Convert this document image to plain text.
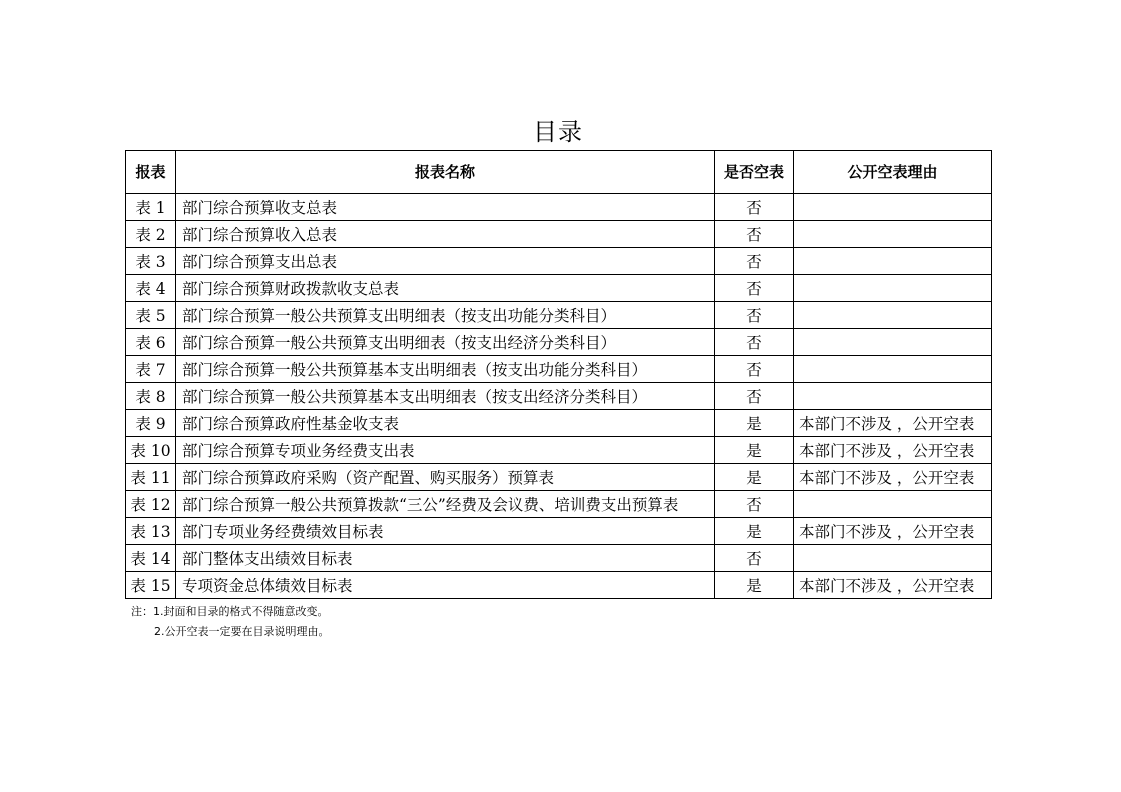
目录
报表	报表名称	是否空表	公开空表理由
表 1	部门综合预算收支总表	否	
表 2	部门综合预算收入总表	否	
表 3	部门综合预算支出总表	否	
表 4	部门综合预算财政拨款收支总表	否	
表 5	部门综合预算一般公共预算支出明细表（按支出功能分类科目）	否	
表 6	部门综合预算一般公共预算支出明细表（按支出经济分类科目）	否	
表 7	部门综合预算一般公共预算基本支出明细表（按支出功能分类科目）	否	
表 8	部门综合预算一般公共预算基本支出明细表（按支出经济分类科目）	否	
表 9	部门综合预算政府性基金收支表	是	本部门不涉及 ，公开空表
表 10	部门综合预算专项业务经费支出表	是	本部门不涉及 ，公开空表
表 11	部门综合预算政府采购（资产配置、购买服务）预算表	是	本部门不涉及 ，公开空表
表 12	部门综合预算一般公共预算拨款“三公”经费及会议费、培训费支出预算表	否	
表 13	部门专项业务经费绩效目标表	是	本部门不涉及 ，公开空表
表 14	部门整体支出绩效目标表	否	
表 15	专项资金总体绩效目标表	是	本部门不涉及 ，公开空表
注：1.封面和目录的格式不得随意改变。
2.公开空表一定要在目录说明理由。
